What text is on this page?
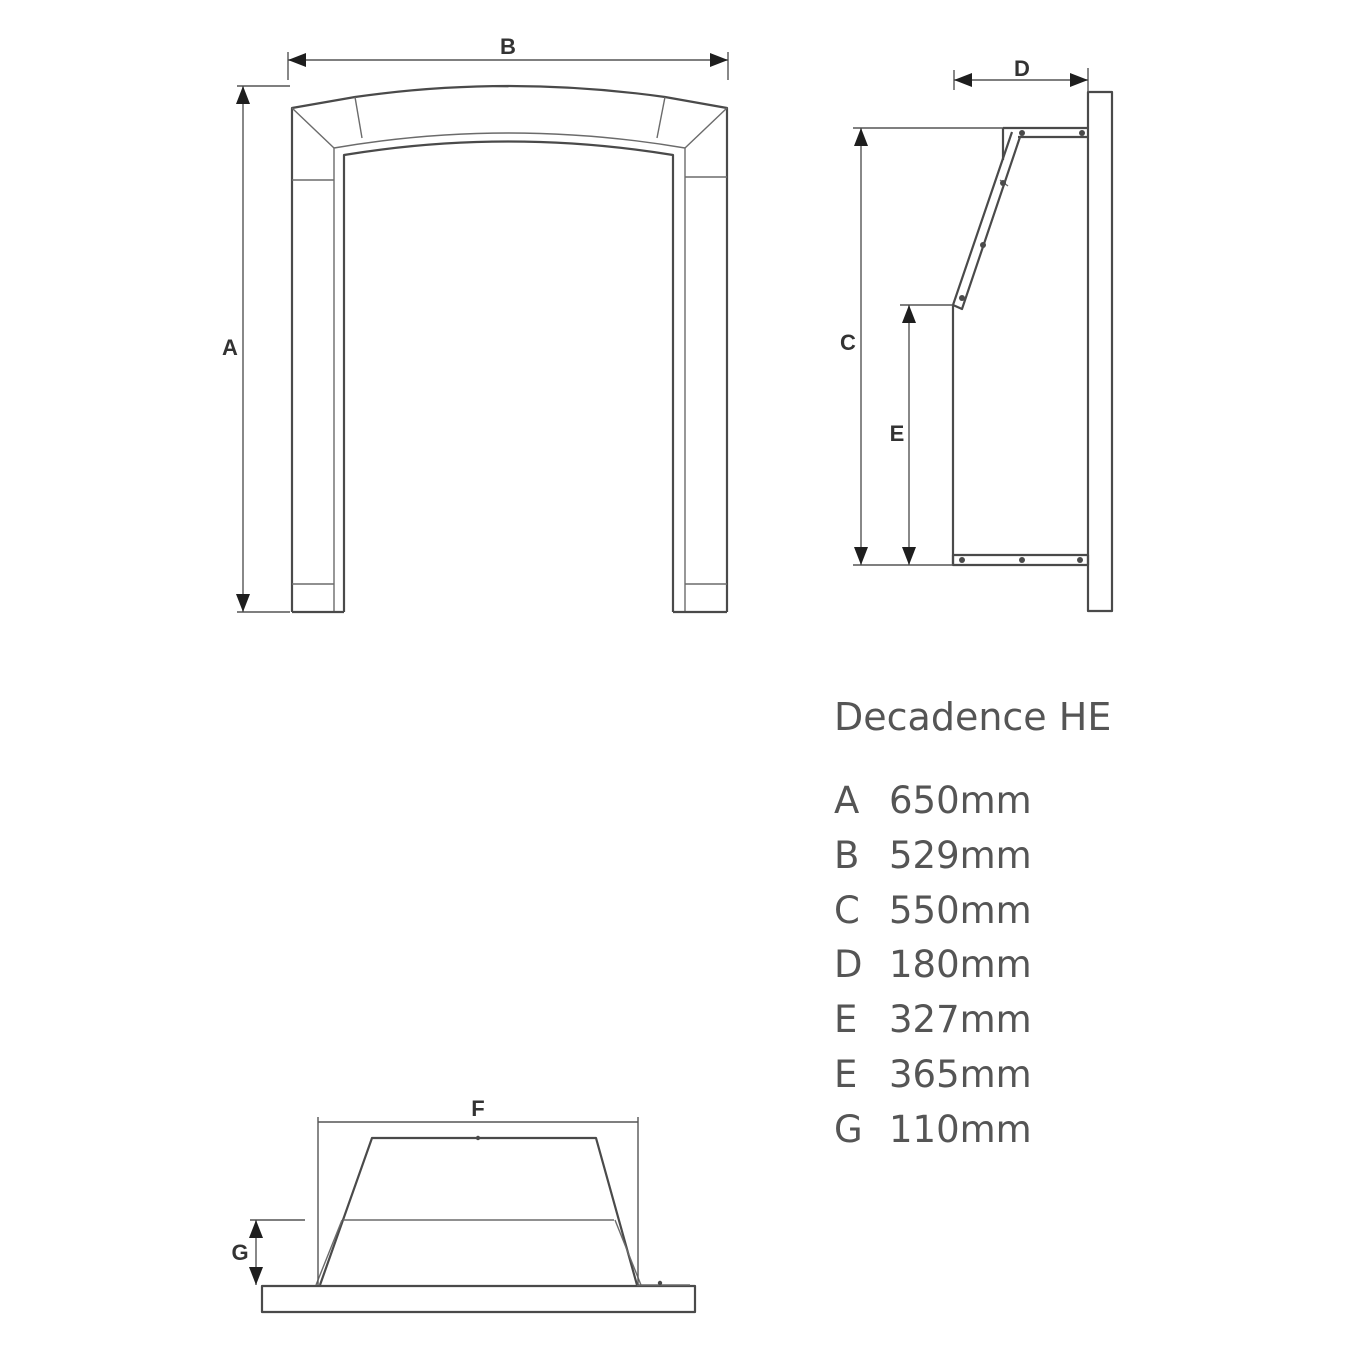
B
A
D
C
E
F
G
Decadence HE
A 650mm
B 529mm
C 550mm
D 180mm
E 327mm
E 365mm
G 110mm
